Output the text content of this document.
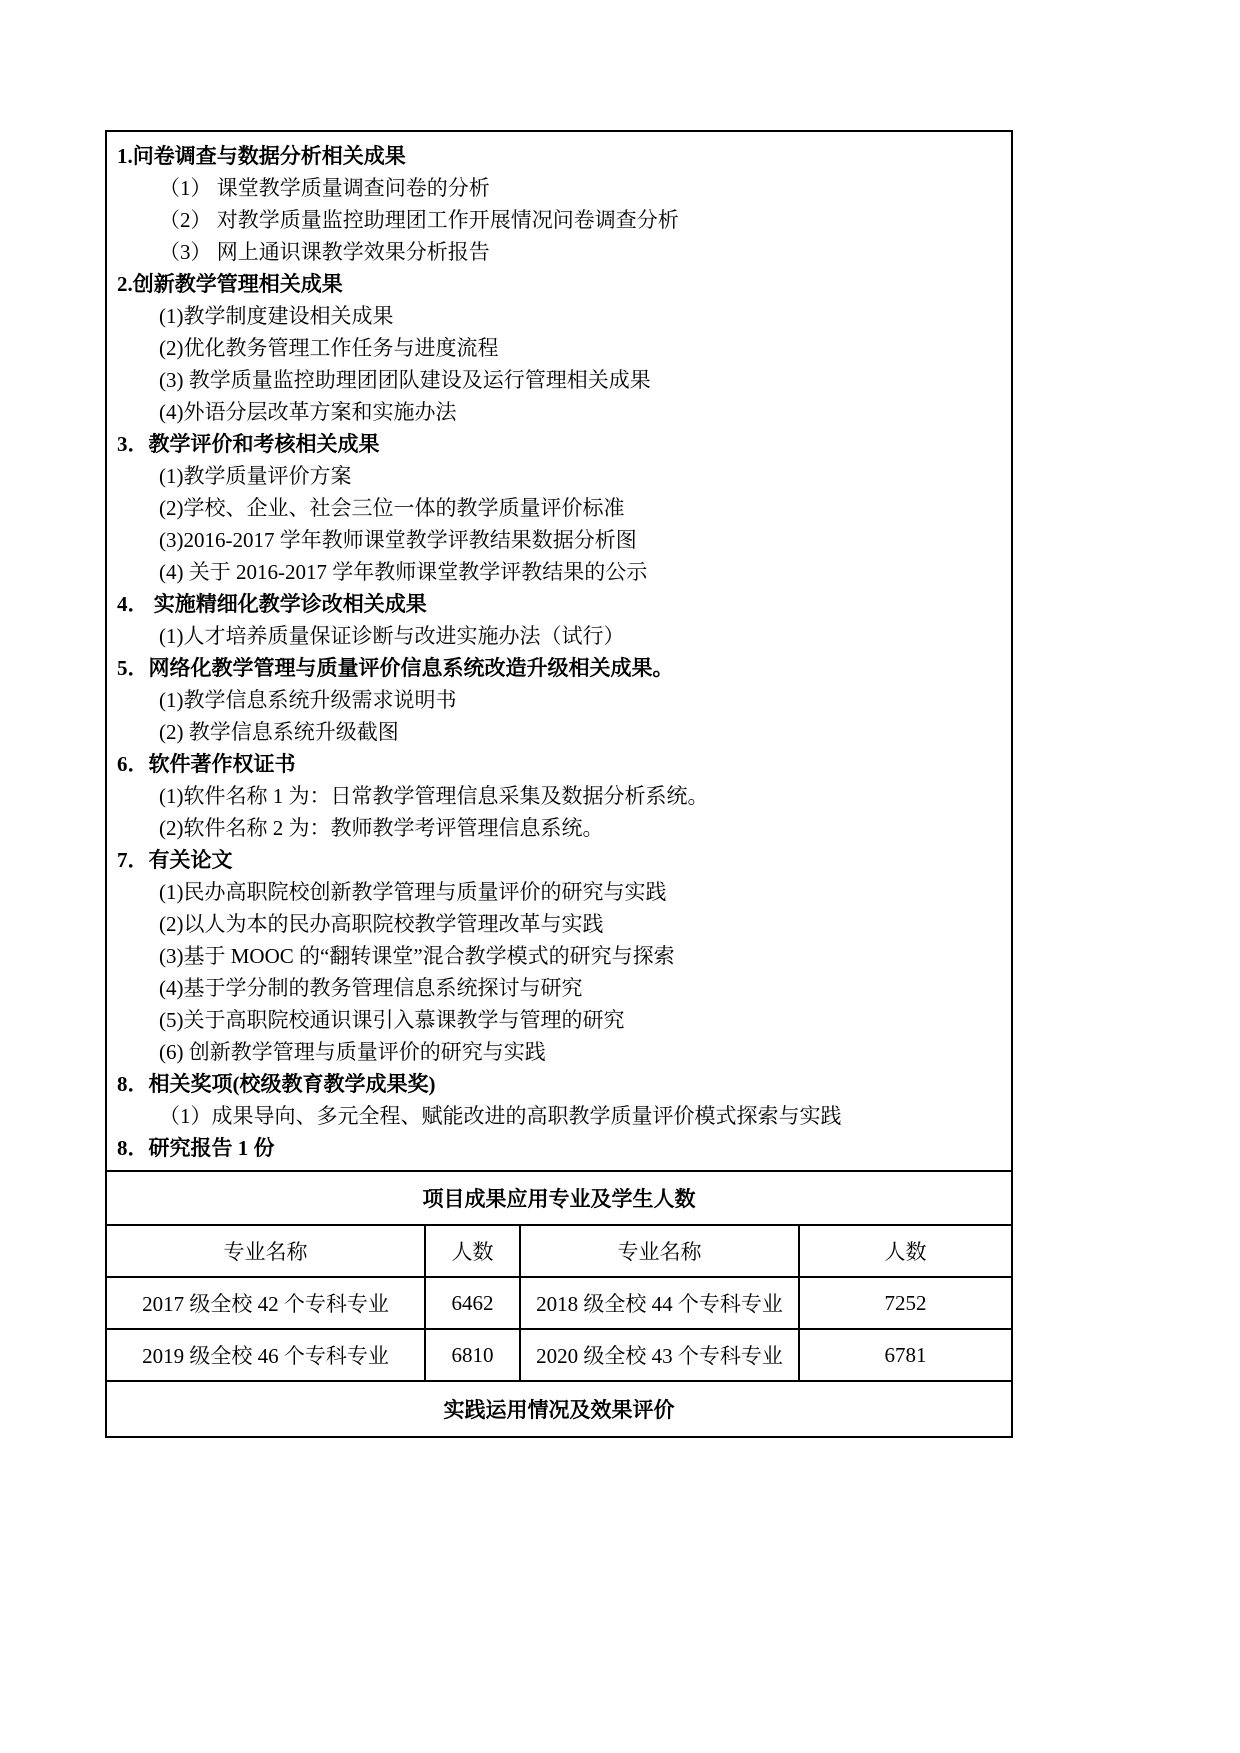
1.问卷调查与数据分析相关成果
（1） 课堂教学质量调查问卷的分析
（2） 对教学质量监控助理团工作开展情况问卷调查分析
（3） 网上通识课教学效果分析报告
2.创新教学管理相关成果
(1)教学制度建设相关成果
(2)优化教务管理工作任务与进度流程
(3) 教学质量监控助理团团队建设及运行管理相关成果
(4)外语分层改革方案和实施办法
3．教学评价和考核相关成果
(1)教学质量评价方案
(2)学校、企业、社会三位一体的教学质量评价标准
(3)2016-2017 学年教师课堂教学评教结果数据分析图
(4) 关于 2016-2017 学年教师课堂教学评教结果的公示
4． 实施精细化教学诊改相关成果
(1)人才培养质量保证诊断与改进实施办法（试行）
5．网络化教学管理与质量评价信息系统改造升级相关成果。
(1)教学信息系统升级需求说明书
(2) 教学信息系统升级截图
6．软件著作权证书
(1)软件名称 1 为：日常教学管理信息采集及数据分析系统。
(2)软件名称 2 为：教师教学考评管理信息系统。
7．有关论文
(1)民办高职院校创新教学管理与质量评价的研究与实践
(2)以人为本的民办高职院校教学管理改革与实践
(3)基于 MOOC 的“翻转课堂”混合教学模式的研究与探索
(4)基于学分制的教务管理信息系统探讨与研究
(5)关于高职院校通识课引入慕课教学与管理的研究
(6) 创新教学管理与质量评价的研究与实践
8．相关奖项(校级教育教学成果奖)
（1）成果导向、多元全程、赋能改进的高职教学质量评价模式探索与实践
8．研究报告 1 份
项目成果应用专业及学生人数			
专业名称	人数	专业名称	人数
2017 级全校 42 个专科专业	6462	2018 级全校 44 个专科专业	7252
2019 级全校 46 个专科专业	6810	2020 级全校 43 个专科专业	6781
实践运用情况及效果评价			
